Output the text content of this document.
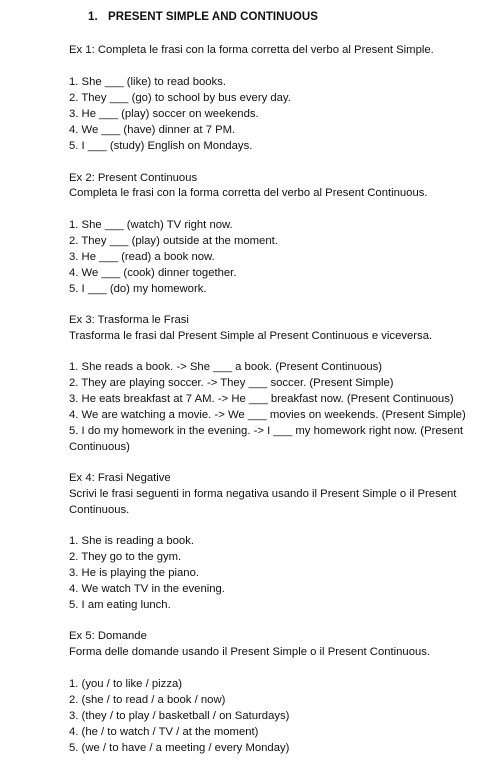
1. PRESENT SIMPLE AND CONTINUOUS
Ex 1: Completa le frasi con la forma corretta del verbo al Present Simple.
1. She ___ (like) to read books.
2. They ___ (go) to school by bus every day.
3. He ___ (play) soccer on weekends.
4. We ___ (have) dinner at 7 PM.
5. I ___ (study) English on Mondays.
Ex 2: Present Continuous
Completa le frasi con la forma corretta del verbo al Present Continuous.
1. She ___ (watch) TV right now.
2. They ___ (play) outside at the moment.
3. He ___ (read) a book now.
4. We ___ (cook) dinner together.
5. I ___ (do) my homework.
Ex 3: Trasforma le Frasi
Trasforma le frasi dal Present Simple al Present Continuous e viceversa.
1. She reads a book. -> She ___ a book. (Present Continuous)
2. They are playing soccer. -> They ___ soccer. (Present Simple)
3. He eats breakfast at 7 AM. -> He ___ breakfast now. (Present Continuous)
4. We are watching a movie. -> We ___ movies on weekends. (Present Simple)
5. I do my homework in the evening. -> I ___ my homework right now. (Present Continuous)
Ex 4: Frasi Negative
Scrivi le frasi seguenti in forma negativa usando il Present Simple o il Present Continuous.
1. She is reading a book.
2. They go to the gym.
3. He is playing the piano.
4. We watch TV in the evening.
5. I am eating lunch.
Ex 5: Domande
Forma delle domande usando il Present Simple o il Present Continuous.
1. (you / to like / pizza)
2. (she / to read / a book / now)
3. (they / to play / basketball / on Saturdays)
4. (he / to watch / TV / at the moment)
5. (we / to have / a meeting / every Monday)
